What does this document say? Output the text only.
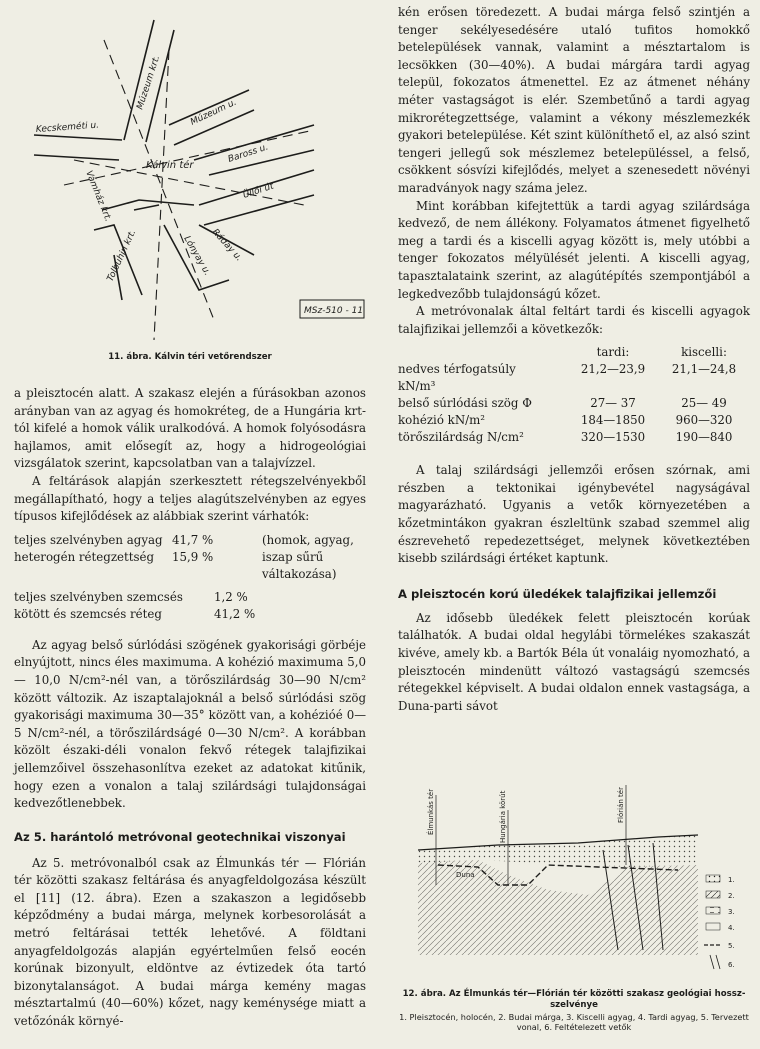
Múzeum krt.
Múzeum u.
Kecskeméti u.
Kálvin tér
Baross u.
Üllői út
Lónyay u.
Ráday u.
Tolbuhin krt.
Vámház krt.
MSz-510 - 11
11. ábra. Kálvin téri vetőrendszer

a pleisztocén alatt. A szakasz elején a fúrásokban azonos arányban van az agyag és homokréteg, de a Hungária krt-tól kifelé a homok válik uralkodóvá. A homok folyósodásra hajlamos, amit elősegít az, hogy a hidrogeológiai vizsgálatok szerint, kapcsolatban van a talajvízzel.

A feltárások alapján szerkesztett rétegszelvényekből megállapítható, hogy a teljes alagútszelvényben az egyes típusos kifejlődések az alábbiak szerint várhatók:

teljes szelvényben agyag	41,7 %	(homok, agyag,
heterogén rétegzettség	15,9 %	iszap sűrű
		váltakozása)
teljes szelvényben szemcsés	1,2 %
kötött és szemcsés réteg	41,2 %

Az agyag belső súrlódási szögének gyakorisági görbéje elnyújtott, nincs éles maximuma. A kohézió maximuma 5,0— 10,0 N/cm²-nél van, a törőszilárdság 30—90 N/cm² között változik. Az iszaptalajoknál a belső súrlódási szög gyakorisági maximuma 30—35° között van, a kohézióé 0—5 N/cm²-nél, a törőszilárdságé 0—30 N/cm². A korábban közölt északi-déli vonalon fekvő rétegek talajfizikai jellemzőivel összehasonlítva ezeket az adatokat kitűnik, hogy ezen a vonalon a talaj szilárdsági tulajdonságai kedvezőtlenebbek.

Az 5. harántoló metróvonal geotechnikai viszonyai

Az 5. metróvonalból csak az Élmunkás tér — Flórián tér közötti szakasz feltárása és anyagfeldolgozása készült el [11] (12. ábra). Ezen a szakaszon a legidősebb képződmény a budai márga, melynek korbesorolását a metró feltárásai tették lehetővé. A földtani anyagfeldolgozás alapján egyértelműen felső eocén korúnak bizonyult, eldöntve az évtizedek óta tartó bizonytalanságot. A budai márga kemény magas mésztartalmú (40—60%) kőzet, nagy keménysége miatt a vetőzónák környé-

kén erősen töredezett. A budai márga felső szintjén a tenger sekélyesedésére utaló tufitos homokkő betelepülések vannak, valamint a mésztartalom is lecsökken (30—40%). A budai márgára tardi agyag települ, fokozatos átmenettel. Ez az átmenet néhány méter vastagságot is elér. Szembetűnő a tardi agyag mikrorétegzettsége, valamint a vékony mészlemezkék gyakori betelepülése. Két szint különíthető el, az alsó szint tengeri jellegű sok mészlemez betelepüléssel, a felső, csökkent sósvízi kifejlődés, melyet a szenesedett növényi maradványok nagy száma jelez.

Mint korábban kifejtettük a tardi agyag szilárdsága kedvező, de nem állékony. Folyamatos átmenet figyelhető meg a tardi és a kiscelli agyag között is, mely utóbbi a tenger fokozatos mélyülését jelenti. A kiscelli agyag, tapasztalataink szerint, az alagútépítés szempontjából a legkedvezőbb tulajdonságú kőzet.

A metróvonalak által feltárt tardi és kiscelli agyagok talajfizikai jellemzői a következők:

	tardi:	kiscelli:
nedves térfogatsúly
kN/m³	21,2—23,9	21,1—24,8
belső súrlódási szög Φ	27— 37	25— 49
kohézió kN/m²	184—1850	960—320
törőszilárdság N/cm²	320—1530	190—840

A talaj szilárdsági jellemzői erősen szórnak, ami részben a tektonikai igénybevétel nagyságával magyarázható. Ugyanis a vetők környezetében a kőzetmintákon gyakran észleltünk szabad szemmel alig észrevehető repedezettséget, melynek következtében kisebb szilárdsági értéket kaptunk.

A pleisztocén korú üledékek talajfizikai jellemzői

Az idősebb üledékek felett pleisztocén korúak találhatók. A budai oldal hegylábi törmelékes szakaszát kivéve, amely kb. a Bartók Béla út vonaláig nyomozható, a pleisztocén mindenütt változó vastagságú szemcsés rétegekkel képviselt. A budai oldalon ennek vastagsága, a Duna-parti sávot

Élmunkás tér	Hungária körút	Flórián tér
Duna
1.
2.
3.
4.
5.
6.
12. ábra. Az Élmunkás tér—Flórián tér közötti szakasz geológiai hossz-szelvénye
1. Pleisztocén, holocén, 2. Budai márga, 3. Kiscelli agyag, 4. Tardi agyag, 5. Tervezett vonal, 6. Feltételezett vetők
